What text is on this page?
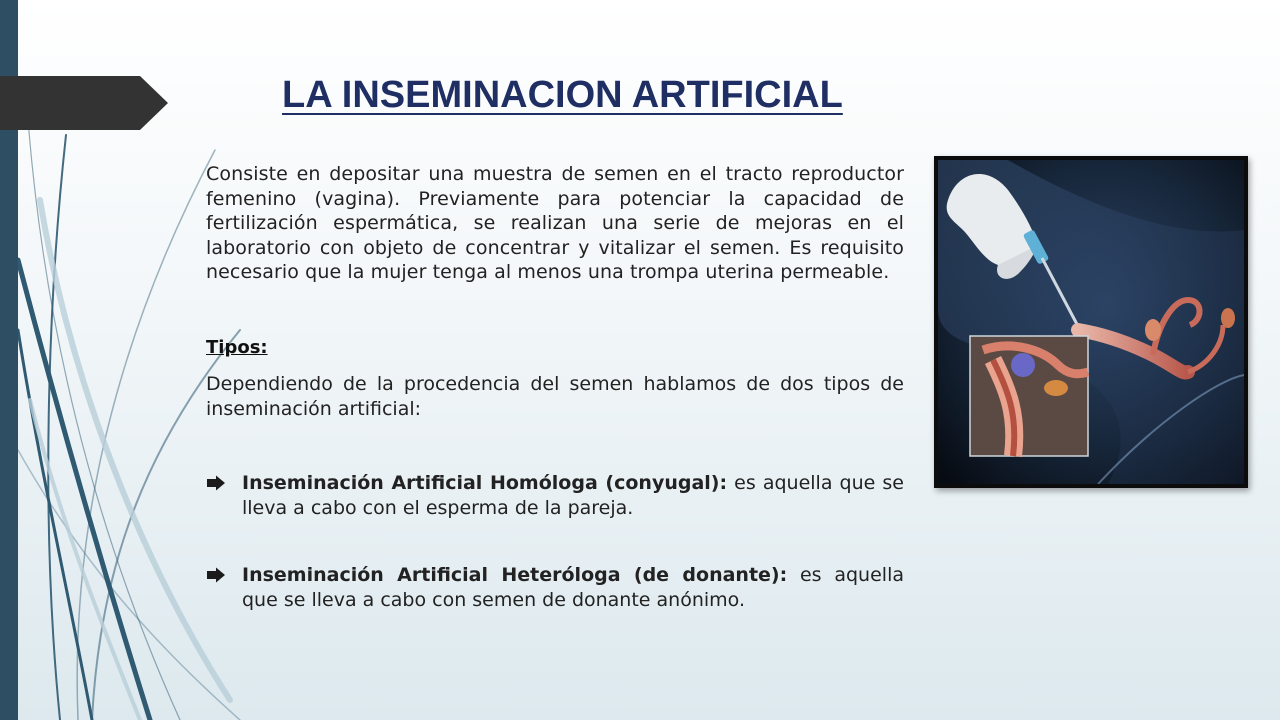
LA INSEMINACION ARTIFICIAL

Consiste en depositar una muestra de semen en el tracto reproductor femenino (vagina). Previamente para potenciar la capacidad de fertilización espermática, se realizan una serie de mejoras en el laboratorio con objeto de concentrar y vitalizar el semen. Es requisito necesario que la mujer tenga al menos una trompa uterina permeable.

Tipos:

Dependiendo de la procedencia del semen hablamos de dos tipos de inseminación artificial:

Inseminación Artificial Homóloga (conyugal): es aquella que se lleva a cabo con el esperma de la pareja.
Inseminación Artificial Heteróloga (de donante): es aquella que se lleva a cabo con semen de donante anónimo.
